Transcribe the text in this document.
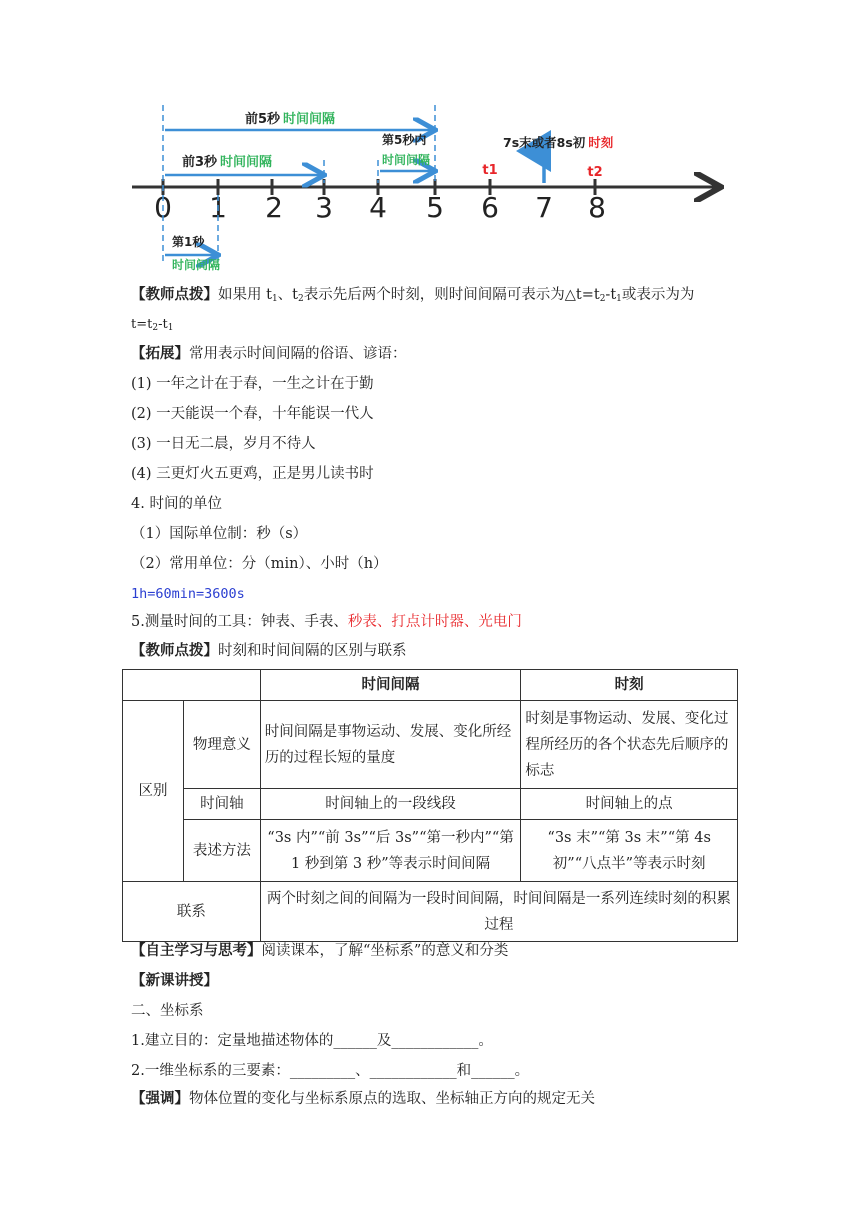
0 1 2 3 4 5 6 7 8
t1	t2
前5秒 时间间隔
前3秒 时间间隔
第5秒内
时间间隔
第1秒
时间间隔
7s末或者8s初 时刻
【教师点拨】如果用 $t_1$、$t_2$表示先后两个时刻，则时间间隔可表示为$\triangle t=t_2-t_1$或表示为为
$t=t_2-t_1$
【拓展】常用表示时间间隔的俗语、谚语：
(1) 一年之计在于春，一生之计在于勤
(2) 一天能误一个春，十年能误一代人
(3) 一日无二晨，岁月不待人
(4) 三更灯火五更鸡，正是男儿读书时
4. 时间的单位
（1）国际单位制：秒（s）
（2）常用单位：分（min）、小时（h）
1h=60min=3600s
5.测量时间的工具：钟表、手表、秒表、打点计时器、光电门
【教师点拨】时刻和时间间隔的区别与联系
		时间间隔	时刻
区别	物理意义	时间间隔是事物运动、发展、变化所经历的过程长短的量度	时刻是事物运动、发展、变化过程所经历的各个状态先后顺序的标志
	时间轴	时间轴上的一段线段	时间轴上的点
	表述方法	“3s 内”“前 3s”“后 3s”“第一秒内”“第 1 秒到第 3 秒”等表示时间间隔	“3s 末”“第 3s 末”“第 4s 初”“八点半”等表示时刻
联系		两个时刻之间的间隔为一段时间间隔，时间间隔是一系列连续时刻的积累过程	
【自主学习与思考】阅读课本，了解“坐标系”的意义和分类
【新课讲授】
二、坐标系
1.建立目的：定量地描述物体的______及____________。
2.一维坐标系的三要素：_________、____________和______。
【强调】物体位置的变化与坐标系原点的选取、坐标轴正方向的规定无关
